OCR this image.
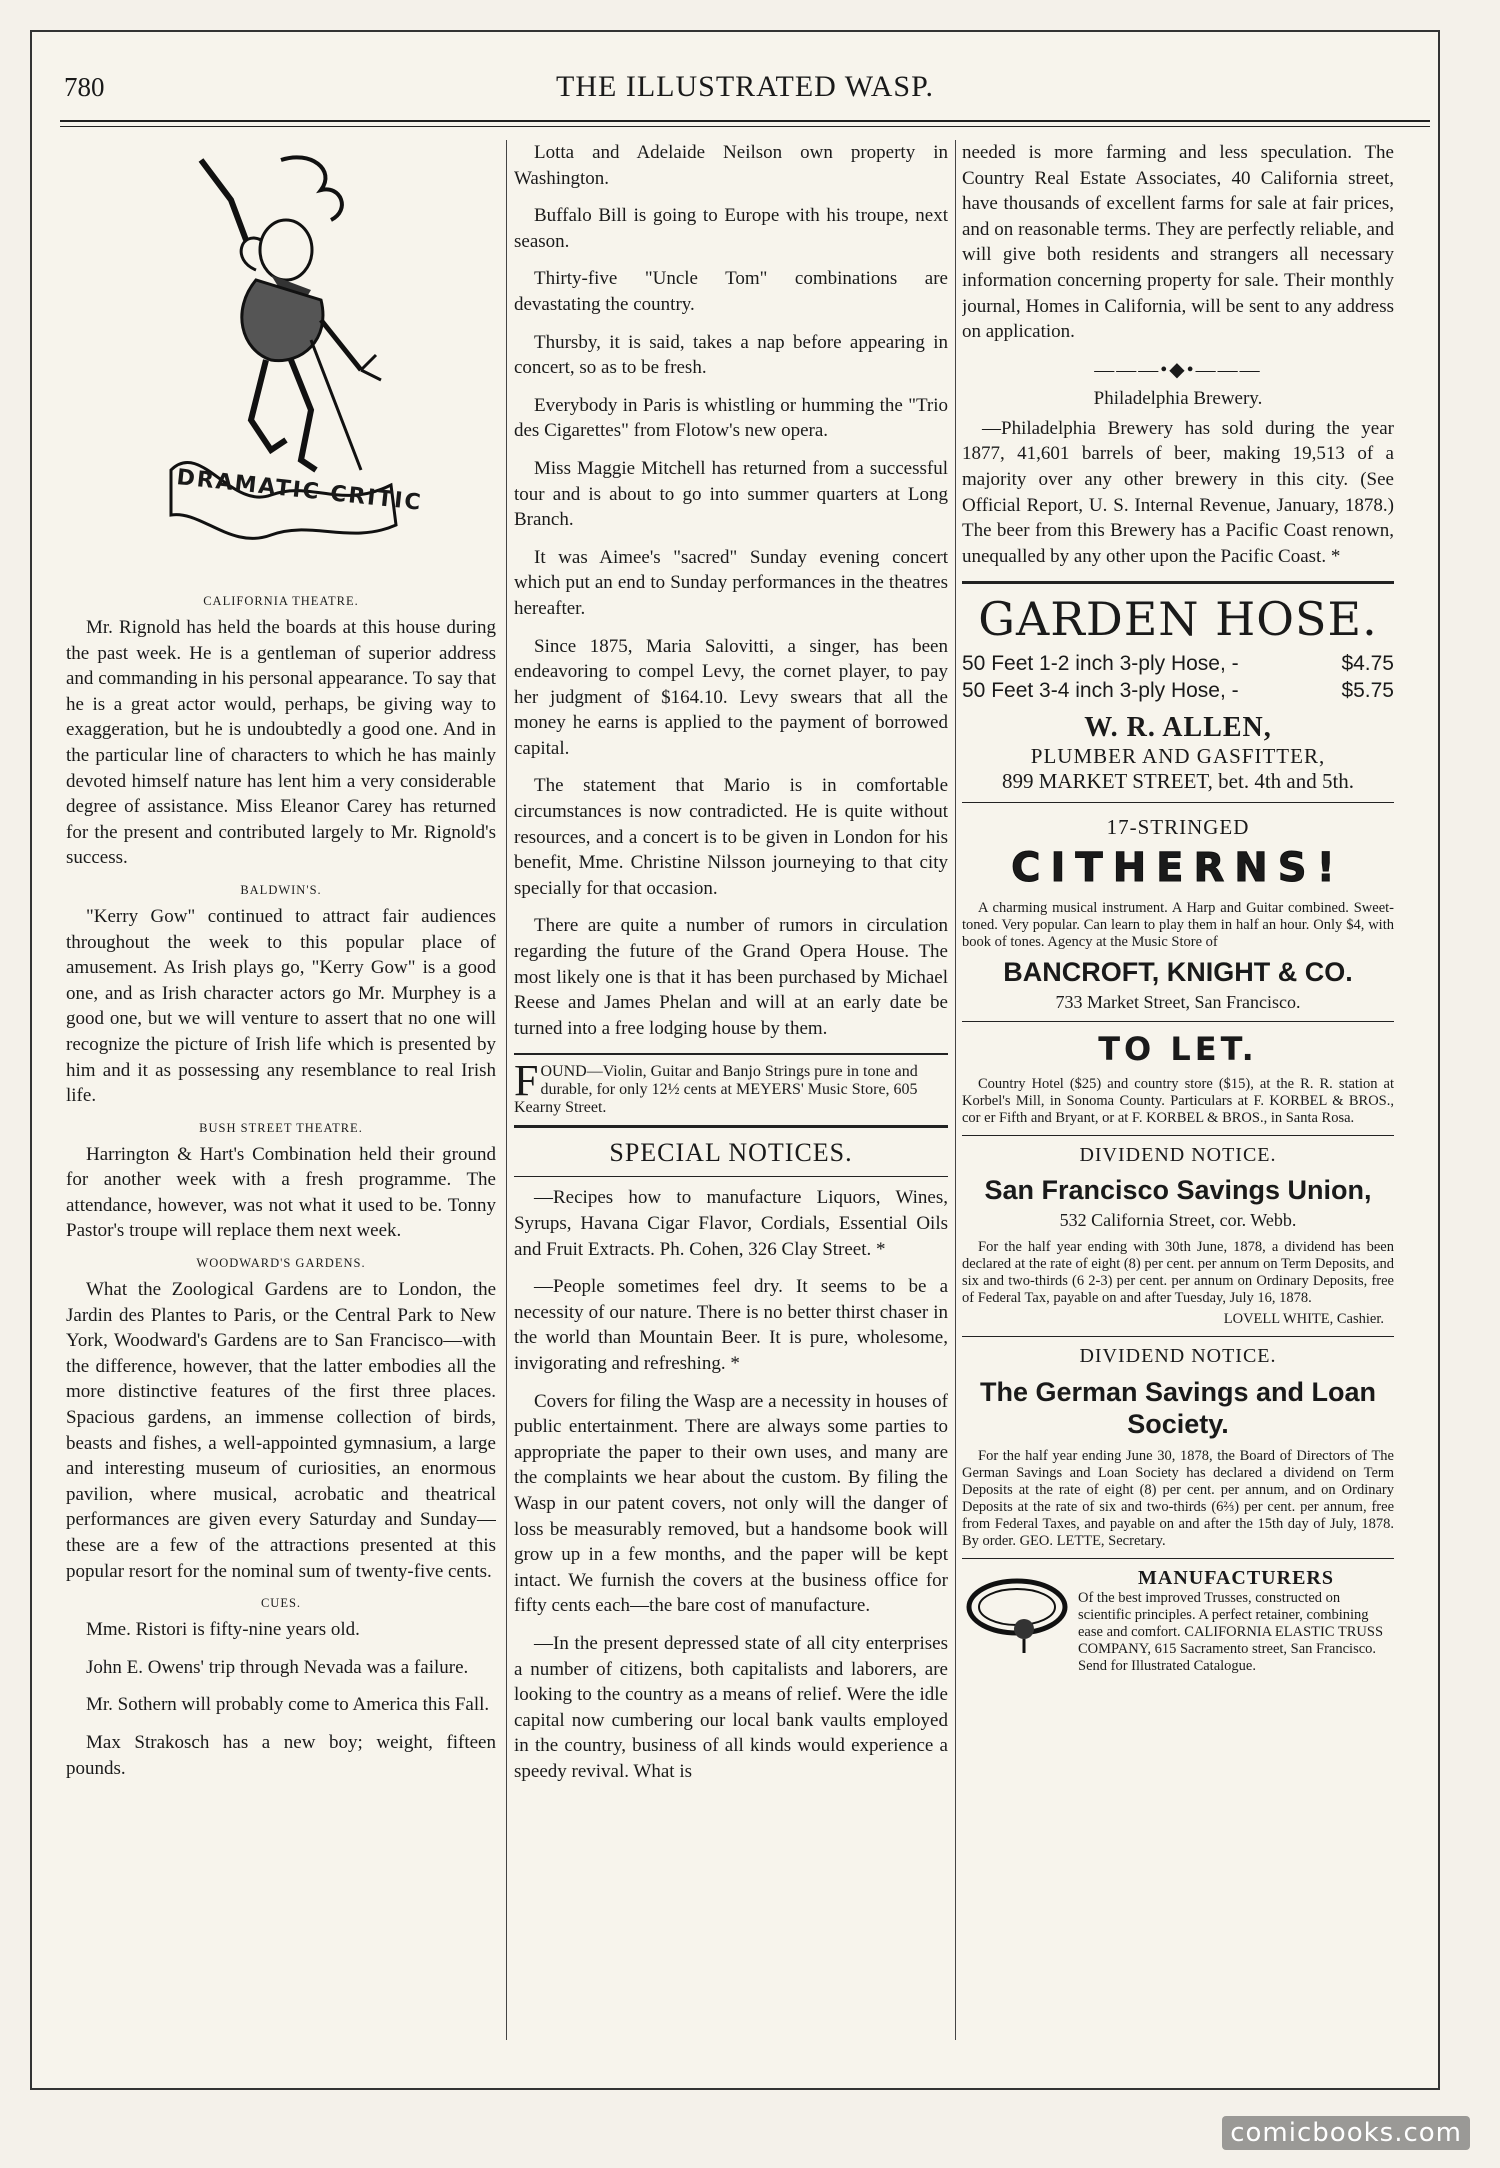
780	THE ILLUSTRATED WASP.
DRAMATIC CRITIC
CALIFORNIA THEATRE.

Mr. Rignold has held the boards at this house during the past week. He is a gentleman of superior address and commanding in his personal appearance. To say that he is a great actor would, perhaps, be giving way to exaggeration, but he is undoubtedly a good one. And in the particular line of characters to which he has mainly devoted himself nature has lent him a very considerable degree of assistance. Miss Eleanor Carey has returned for the present and contributed largely to Mr. Rignold's success.

BALDWIN'S.

"Kerry Gow" continued to attract fair audiences throughout the week to this popular place of amusement. As Irish plays go, "Kerry Gow" is a good one, and as Irish character actors go Mr. Murphey is a good one, but we will venture to assert that no one will recognize the picture of Irish life which is presented by him and it as possessing any resemblance to real Irish life.

BUSH STREET THEATRE.

Harrington & Hart's Combination held their ground for another week with a fresh programme. The attendance, however, was not what it used to be. Tonny Pastor's troupe will replace them next week.

WOODWARD'S GARDENS.

What the Zoological Gardens are to London, the Jardin des Plantes to Paris, or the Central Park to New York, Woodward's Gardens are to San Francisco—with the difference, however, that the latter embodies all the more distinctive features of the first three places. Spacious gardens, an immense collection of birds, beasts and fishes, a well-appointed gymnasium, a large and interesting museum of curiosities, an enormous pavilion, where musical, acrobatic and theatrical performances are given every Saturday and Sunday—these are a few of the attractions presented at this popular resort for the nominal sum of twenty-five cents.

CUES.

Mme. Ristori is fifty-nine years old.

John E. Owens' trip through Nevada was a failure.

Mr. Sothern will probably come to America this Fall.

Max Strakosch has a new boy; weight, fifteen pounds.

Lotta and Adelaide Neilson own property in Washington.

Buffalo Bill is going to Europe with his troupe, next season.

Thirty-five "Uncle Tom" combinations are devastating the country.

Thursby, it is said, takes a nap before appearing in concert, so as to be fresh.

Everybody in Paris is whistling or humming the "Trio des Cigarettes" from Flotow's new opera.

Miss Maggie Mitchell has returned from a successful tour and is about to go into summer quarters at Long Branch.

It was Aimee's "sacred" Sunday evening concert which put an end to Sunday performances in the theatres hereafter.

Since 1875, Maria Salovitti, a singer, has been endeavoring to compel Levy, the cornet player, to pay her judgment of $164.10. Levy swears that all the money he earns is applied to the payment of borrowed capital.

The statement that Mario is in comfortable circumstances is now contradicted. He is quite without resources, and a concert is to be given in London for his benefit, Mme. Christine Nilsson journeying to that city specially for that occasion.

There are quite a number of rumors in circulation regarding the future of the Grand Opera House. The most likely one is that it has been purchased by Michael Reese and James Phelan and will at an early date be turned into a free lodging house by them.

FOUND—Violin, Guitar and Banjo Strings pure in tone and durable, for only 12½ cents at MEYERS' Music Store, 605 Kearny Street.
SPECIAL NOTICES.

—Recipes how to manufacture Liquors, Wines, Syrups, Havana Cigar Flavor, Cordials, Essential Oils and Fruit Extracts. Ph. Cohen, 326 Clay Street. *

—People sometimes feel dry. It seems to be a necessity of our nature. There is no better thirst chaser in the world than Mountain Beer. It is pure, wholesome, invigorating and refreshing. *

Covers for filing the Wasp are a necessity in houses of public entertainment. There are always some parties to appropriate the paper to their own uses, and many are the complaints we hear about the custom. By filing the Wasp in our patent covers, not only will the danger of loss be measurably removed, but a handsome book will grow up in a few months, and the paper will be kept intact. We furnish the covers at the business office for fifty cents each—the bare cost of manufacture.

—In the present depressed state of all city enterprises a number of citizens, both capitalists and laborers, are looking to the country as a means of relief. Were the idle capital now cumbering our local bank vaults employed in the country, business of all kinds would experience a speedy revival. What is

needed is more farming and less speculation. The Country Real Estate Associates, 40 California street, have thousands of excellent farms for sale at fair prices, and on reasonable terms. They are perfectly reliable, and will give both residents and strangers all necessary information concerning property for sale. Their monthly journal, Homes in California, will be sent to any address on application.

———•◆•———
Philadelphia Brewery.

—Philadelphia Brewery has sold during the year 1877, 41,601 barrels of beer, making 19,513 of a majority over any other brewery in this city. (See Official Report, U. S. Internal Revenue, January, 1878.) The beer from this Brewery has a Pacific Coast renown, unequalled by any other upon the Pacific Coast. *

GARDEN HOSE.
50 Feet 1-2 inch 3-ply Hose, -	$4.75
50 Feet 3-4 inch 3-ply Hose, -	$5.75
W. R. ALLEN,
PLUMBER AND GASFITTER,
899 MARKET STREET, bet. 4th and 5th.
17-STRINGED
CITHERNS!
A charming musical instrument. A Harp and Guitar combined. Sweet-toned. Very popular. Can learn to play them in half an hour. Only $4, with book of tones. Agency at the Music Store of
BANCROFT, KNIGHT & CO.
733 Market Street, San Francisco.
TO LET.
Country Hotel ($25) and country store ($15), at the R. R. station at Korbel's Mill, in Sonoma County. Particulars at F. KORBEL & BROS., cor er Fifth and Bryant, or at F. KORBEL & BROS., in Santa Rosa.
DIVIDEND NOTICE.
San Francisco Savings Union,
532 California Street, cor. Webb.
For the half year ending with 30th June, 1878, a dividend has been declared at the rate of eight (8) per cent. per annum on Term Deposits, and six and two-thirds (6 2-3) per cent. per annum on Ordinary Deposits, free of Federal Tax, payable on and after Tuesday, July 16, 1878.
LOVELL WHITE, Cashier.
DIVIDEND NOTICE.
The German Savings and Loan Society.
For the half year ending June 30, 1878, the Board of Directors of The German Savings and Loan Society has declared a dividend on Term Deposits at the rate of eight (8) per cent. per annum, and on Ordinary Deposits at the rate of six and two-thirds (6⅔) per cent. per annum, free from Federal Taxes, and payable on and after the 15th day of July, 1878. By order. GEO. LETTE, Secretary.
MANUFACTURERS
Of the best improved Trusses, constructed on scientific principles. A perfect retainer, combining ease and comfort. CALIFORNIA ELASTIC TRUSS COMPANY, 615 Sacramento street, San Francisco. Send for Illustrated Catalogue.
comicbooks.com
